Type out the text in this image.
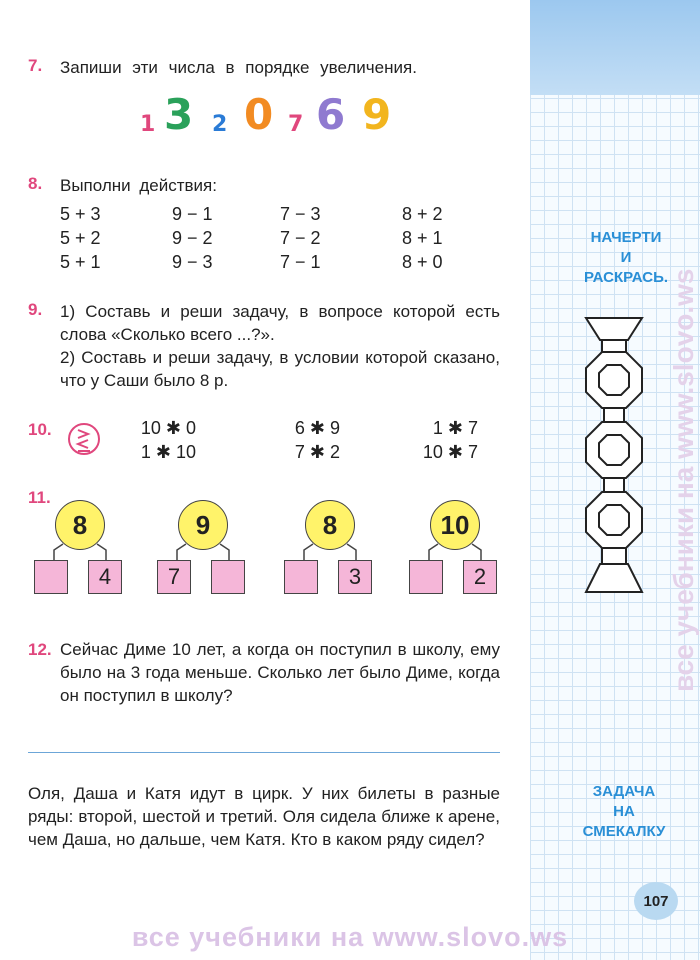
7. Запиши эти числа в порядке увеличения.
1 3 2 0 7 6 9
8. Выполни действия:
5 + 3
5 + 2
5 + 1
9 − 1
9 − 2
9 − 3
7 − 3
7 − 2
7 − 1
8 + 2
8 + 1
8 + 0
9. 1) Составь и реши задачу, в вопросе которой есть слова «Сколько всего ...?».
2) Составь и реши задачу, в условии которой сказано, что у Саши было 8 р.
10.	10 ✱ 0
1 ✱ 10
6 ✱ 9
7 ✱ 2
1 ✱ 7
10 ✱ 7
11.
8
4
9
7
8
3
10
2
12. Сейчас Диме 10 лет, а когда он поступил в школу, ему было на 3 года меньше. Сколько лет было Диме, когда он поступил в школу?
Оля, Даша и Катя идут в цирк. У них билеты в разные ряды: второй, шестой и третий. Оля сидела ближе к арене, чем Даша, но дальше, чем Катя. Кто в каком ряду сидел?
НАЧЕРТИ
И
РАСКРАСЬ.
ЗАДАЧА
НА
СМЕКАЛКУ
все учебники на www.slovo.ws
107
все учебники на www.slovo.ws
